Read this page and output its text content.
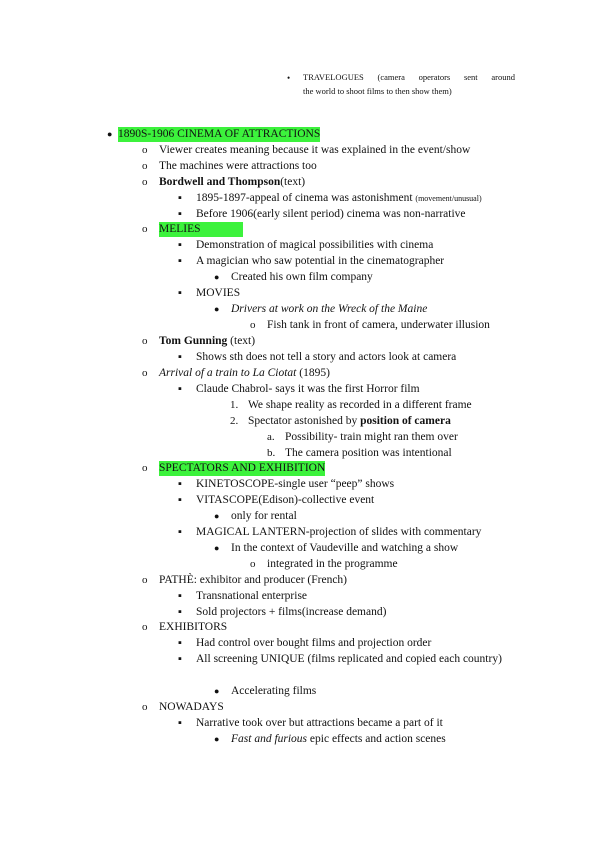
• TRAVELOGUES (camera operators sent around
the world to shoot films to then show them)
● 1890S-1906 CINEMA OF ATTRACTIONS
o Viewer creates meaning because it was explained in the event/show
o The machines were attractions too
o Bordwell and Thompson(text)
▪ 1895-1897-appeal of cinema was astonishment (movement/unusual)
▪ Before 1906(early silent period) cinema was non-narrative
o MELIES
▪ Demonstration of magical possibilities with cinema
▪ A magician who saw potential in the cinematographer
● Created his own film company
▪ MOVIES
● Drivers at work on the Wreck of the Maine
o Fish tank in front of camera, underwater illusion
o Tom Gunning (text)
▪ Shows sth does not tell a story and actors look at camera
o Arrival of a train to La Ciotat (1895)
▪ Claude Chabrol- says it was the first Horror film
1. We shape reality as recorded in a different frame
2. Spectator astonished by position of camera
a. Possibility- train might ran them over
b. The camera position was intentional
o SPECTATORS AND EXHIBITION
▪ KINETOSCOPE-single user “peep” shows
▪ VITASCOPE(Edison)-collective event
● only for rental
▪ MAGICAL LANTERN-projection of slides with commentary
● In the context of Vaudeville and watching a show
o integrated in the programme
o PATHÈ: exhibitor and producer (French)
▪ Transnational enterprise
▪ Sold projectors + films(increase demand)
o EXHIBITORS
▪ Had control over bought films and projection order
▪ All screening UNIQUE (films replicated and copied each country)
● Accelerating films
o NOWADAYS
▪ Narrative took over but attractions became a part of it
● Fast and furious epic effects and action scenes
